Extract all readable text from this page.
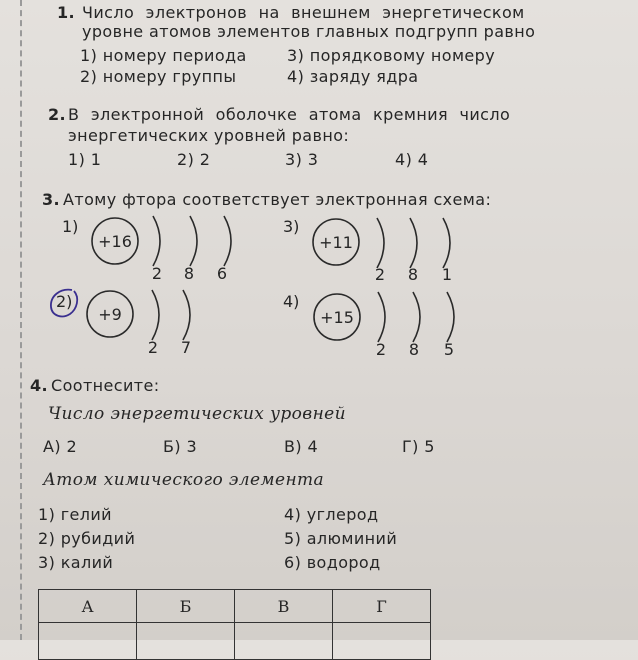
1. Число электронов на внешнем энергетическом
уровне атомов элементов главных подгрупп равно
1) номеру периода
2) номеру группы
3) порядковому номеру
4) заряду ядра
2. В электронной оболочке атома кремния число
энергетических уровней равно:
1) 1	2) 2	3) 3	4) 4
3. Атому фтора соответствует электронная схема:
1)
+16
2 8 6
2)
+9
2 7
3)
+11
2 8 1
4)
+15
2 8 5
4. Соотнесите:
Число энергетических уровней
А) 2	Б) 3	В) 4	Г) 5
Атом химического элемента
1) гелий
2) рубидий
3) калий
4) углерод
5) алюминий
6) водород
А	Б	В	Г
